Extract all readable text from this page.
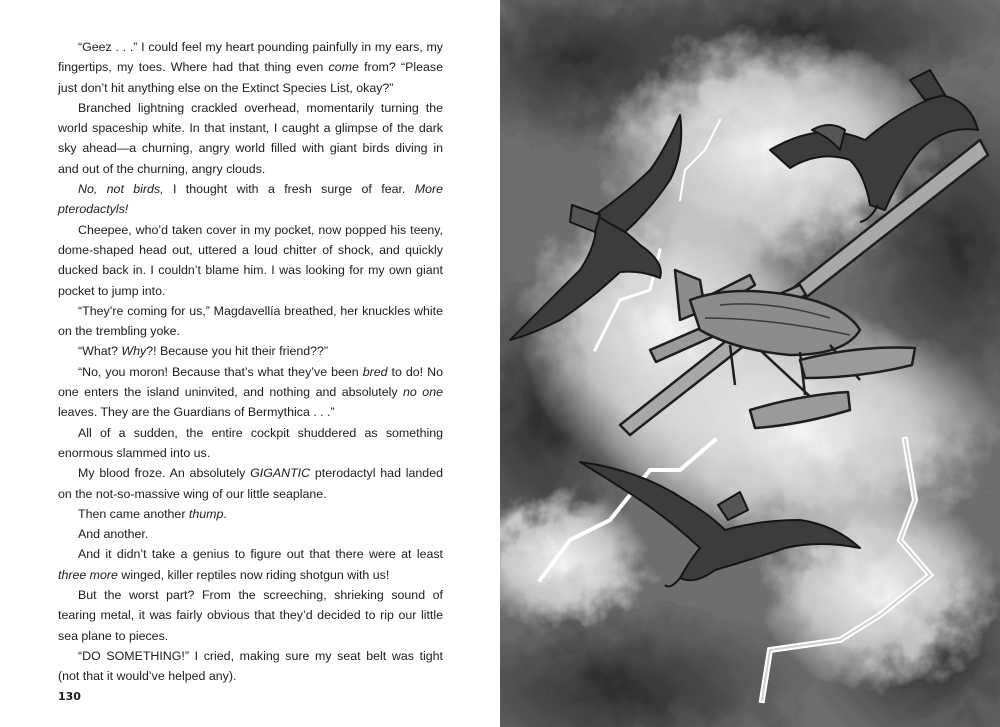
“Geez . . .” I could feel my heart pounding painfully in my ears, my fingertips, my toes. Where had that thing even come from? “Please just don’t hit anything else on the Extinct Species List, okay?”

Branched lightning crackled overhead, momentarily turning the world spaceship white. In that instant, I caught a glimpse of the dark sky ahead—a churning, angry world filled with giant birds diving in and out of the churning, angry clouds.

No, not birds, I thought with a fresh surge of fear. More pterodactyls!

Cheepee, who’d taken cover in my pocket, now popped his teeny, dome-shaped head out, uttered a loud chitter of shock, and quickly ducked back in. I couldn’t blame him. I was looking for my own giant pocket to jump into.

“They’re coming for us,” Magdavellía breathed, her knuckles white on the trembling yoke.

“What? Why?! Because you hit their friend??”

“No, you moron! Because that’s what they’ve been bred to do! No one enters the island uninvited, and nothing and absolutely no one leaves. They are the Guardians of Bermythica . . .”

All of a sudden, the entire cockpit shuddered as something enormous slammed into us.

My blood froze. An absolutely GIGANTIC pterodactyl had landed on the not-so-massive wing of our little seaplane.

Then came another thump.

And another.

And it didn’t take a genius to figure out that there were at least three more winged, killer reptiles now riding shotgun with us!

But the worst part? From the screeching, shrieking sound of tearing metal, it was fairly obvious that they’d decided to rip our little sea plane to pieces.

“DO SOMETHING!” I cried, making sure my seat belt was tight (not that it would’ve helped any).

130
